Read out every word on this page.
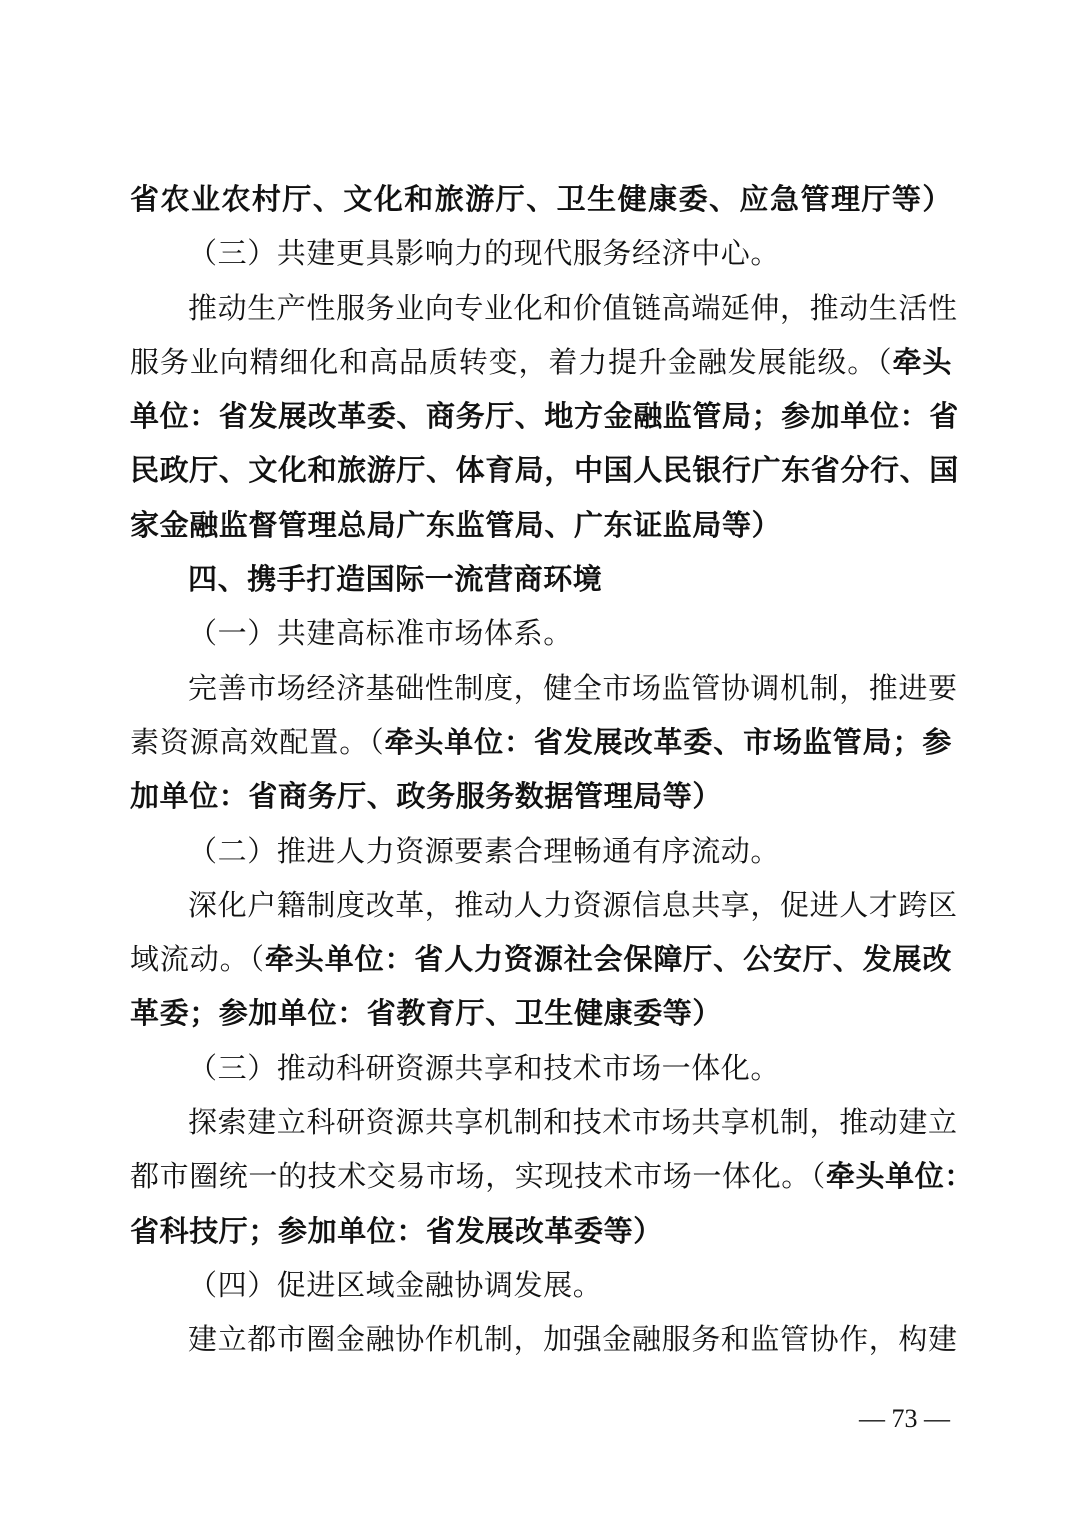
省农业农村厅、文化和旅游厅、卫生健康委、应急管理厅等）
（三）共建更具影响力的现代服务经济中心。
推动生产性服务业向专业化和价值链高端延伸，推动生活性
服务业向精细化和高品质转变，着力提升金融发展能级。（牵头
单位：省发展改革委、商务厅、地方金融监管局；参加单位：省
民政厅、文化和旅游厅、体育局，中国人民银行广东省分行、国
家金融监督管理总局广东监管局、广东证监局等）
四、携手打造国际一流营商环境
（一）共建高标准市场体系。
完善市场经济基础性制度，健全市场监管协调机制，推进要
素资源高效配置。（牵头单位：省发展改革委、市场监管局；参
加单位：省商务厅、政务服务数据管理局等）
（二）推进人力资源要素合理畅通有序流动。
深化户籍制度改革，推动人力资源信息共享，促进人才跨区
域流动。（牵头单位：省人力资源社会保障厅、公安厅、发展改
革委；参加单位：省教育厅、卫生健康委等）
（三）推动科研资源共享和技术市场一体化。
探索建立科研资源共享机制和技术市场共享机制，推动建立
都市圈统一的技术交易市场，实现技术市场一体化。（牵头单位：
省科技厅；参加单位：省发展改革委等）
（四）促进区域金融协调发展。
建立都市圈金融协作机制，加强金融服务和监管协作，构建
— 73 —
